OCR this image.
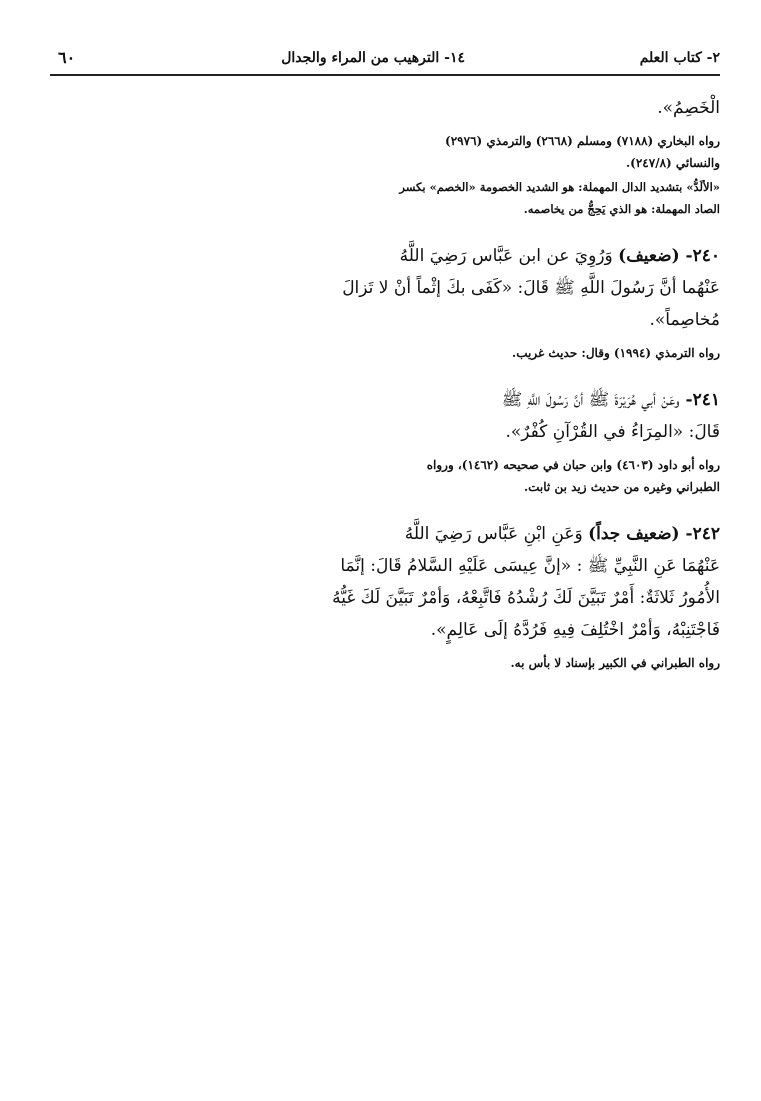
٢- كتاب العلم
١٤- الترهيب من المراء والجدال
٦٠

الْخَصِمُ».

رواه البخاري (٧١٨٨) ومسلم (٢٦٦٨) والترمذي (٢٩٧٦)

والنسائي (٢٤٧/٨).

«الألَدُّ» بتشديد الدال المهملة: هو الشديد الخصومة «الخصم» بكسر

الصاد المهملة: هو الذي يَحِجُّ من يخاصمه.

٢٤٠- (ضعيف) وَرُوِيَ عن ابن عَبَّاس رَضِيَ اللَّهُ

عَنْهُما أنَّ رَسُولَ اللَّهِ ﷺ قَالَ: «كَفَى بكَ إثْماً أنْ لا تَزالَ

مُخاصِماً».

رواه الترمذي (١٩٩٤) وقال: حديث غريب.

٢٤١- وعَنْ أبي هُرَيْرَةَ ﷺ أنَّ رَسُولَ اللَّهِ ﷺ

قَالَ: «المِرَاءُ في القُرْآنِ كُفْرٌ».

رواه أبو داود (٤٦٠٣) وابن حبان في صحيحه (١٤٦٢)، ورواه

الطبراني وغيره من حديث زيد بن ثابت.

٢٤٢- (ضعيف جداً) وَعَنِ ابْنِ عَبَّاس رَضِيَ اللَّهُ

عَنْهُمَا عَنِ النَّبِيِّ ﷺ : «إنَّ عِيسَى عَلَيْهِ السَّلامُ قَالَ: إنَّمَا

الأُمُورُ ثَلاثَةٌ: أَمْرٌ تَبَيَّنَ لَكَ رُشْدُهُ فَاتَّبِعْهُ، وَأمْرٌ تَبَيَّنَ لَكَ غَيُّهُ

فَاجْتَنِبْهُ، وَأمْرٌ اخْتُلِفَ فِيهِ فَرُدَّهُ إلَى عَالِمٍ».

رواه الطبراني في الكبير بإسناد لا بأس به.
